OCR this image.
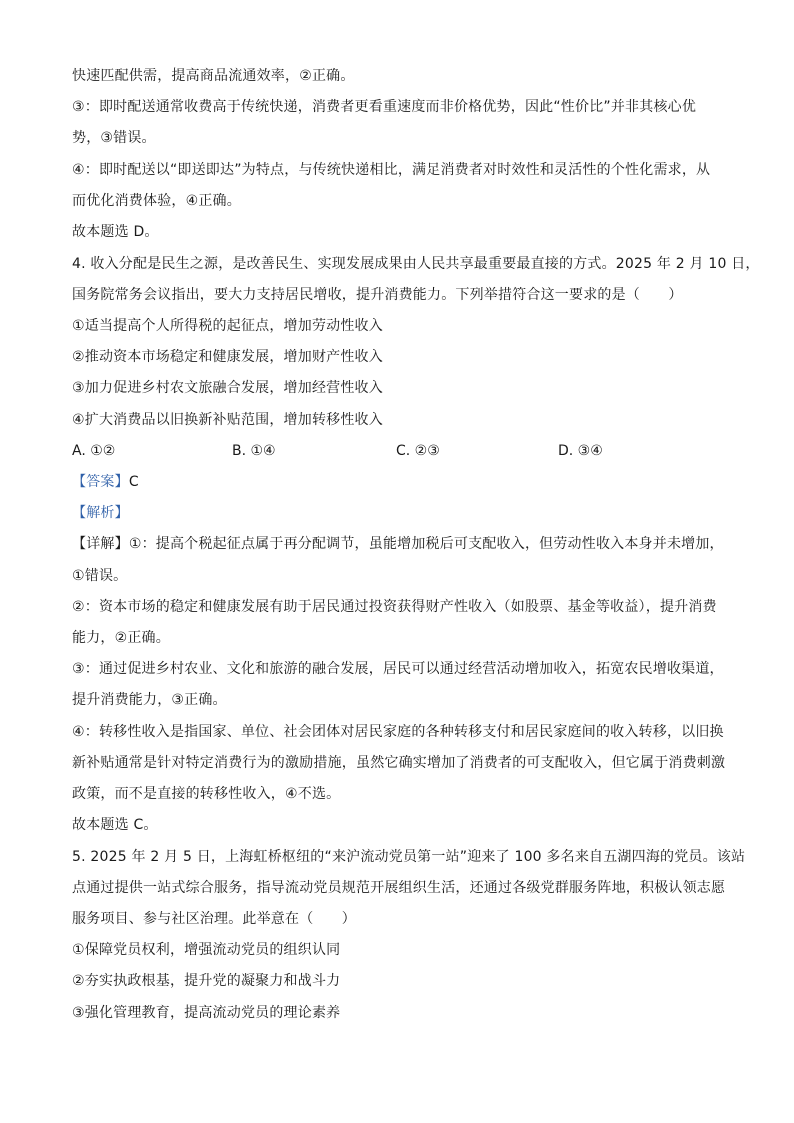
快速匹配供需，提高商品流通效率，②正确。
③：即时配送通常收费高于传统快递，消费者更看重速度而非价格优势，因此“性价比”并非其核心优
势，③错误。
④：即时配送以“即送即达”为特点，与传统快递相比，满足消费者对时效性和灵活性的个性化需求，从
而优化消费体验，④正确。
故本题选 D。
4. 收入分配是民生之源，是改善民生、实现发展成果由人民共享最重要最直接的方式。2025 年 2 月 10 日，
国务院常务会议指出，要大力支持居民增收，提升消费能力。下列举措符合这一要求的是（　　）
①适当提高个人所得税的起征点，增加劳动性收入
②推动资本市场稳定和健康发展，增加财产性收入
③加力促进乡村农文旅融合发展，增加经营性收入
④扩大消费品以旧换新补贴范围，增加转移性收入
A. ①②	B. ①④	C. ②③	D. ③④
【答案】C
【解析】
【详解】①：提高个税起征点属于再分配调节，虽能增加税后可支配收入，但劳动性收入本身并未增加，
①错误。
②：资本市场的稳定和健康发展有助于居民通过投资获得财产性收入（如股票、基金等收益），提升消费
能力，②正确。
③：通过促进乡村农业、文化和旅游的融合发展，居民可以通过经营活动增加收入，拓宽农民增收渠道，
提升消费能力，③正确。
④：转移性收入是指国家、单位、社会团体对居民家庭的各种转移支付和居民家庭间的收入转移，以旧换
新补贴通常是针对特定消费行为的激励措施，虽然它确实增加了消费者的可支配收入，但它属于消费刺激
政策，而不是直接的转移性收入，④不选。
故本题选 C。
5. 2025 年 2 月 5 日，上海虹桥枢纽的“来沪流动党员第一站”迎来了 100 多名来自五湖四海的党员。该站
点通过提供一站式综合服务，指导流动党员规范开展组织生活，还通过各级党群服务阵地，积极认领志愿
服务项目、参与社区治理。此举意在（　　）
①保障党员权利，增强流动党员的组织认同
②夯实执政根基，提升党的凝聚力和战斗力
③强化管理教育，提高流动党员的理论素养
